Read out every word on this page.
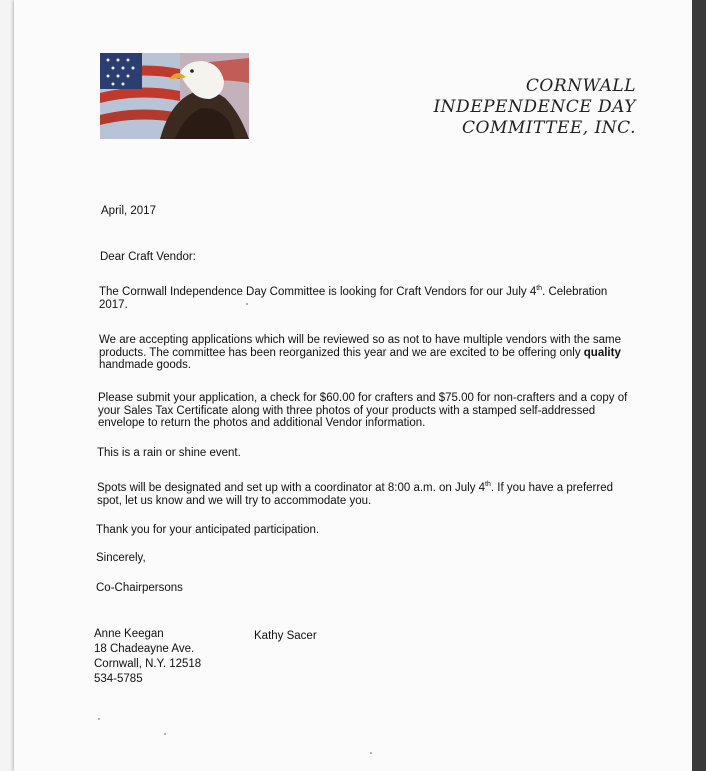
CORNWALL
INDEPENDENCE DAY
COMMITTEE, INC.
April, 2017
Dear Craft Vendor:
The Cornwall Independence Day Committee is looking for Craft Vendors for our July 4th. Celebration
2017.
We are accepting applications which will be reviewed so as not to have multiple vendors with the same
products. The committee has been reorganized this year and we are excited to be offering only quality
handmade goods.
Please submit your application, a check for $60.00 for crafters and $75.00 for non-crafters and a copy of
your Sales Tax Certificate along with three photos of your products with a stamped self-addressed
envelope to return the photos and additional Vendor information.
This is a rain or shine event.
Spots will be designated and set up with a coordinator at 8:00 a.m. on July 4th. If you have a preferred
spot, let us know and we will try to accommodate you.
Thank you for your anticipated participation.
Sincerely,
Co-Chairpersons
Anne Keegan
18 Chadeayne Ave.
Cornwall, N.Y. 12518
534-5785
Kathy Sacer
